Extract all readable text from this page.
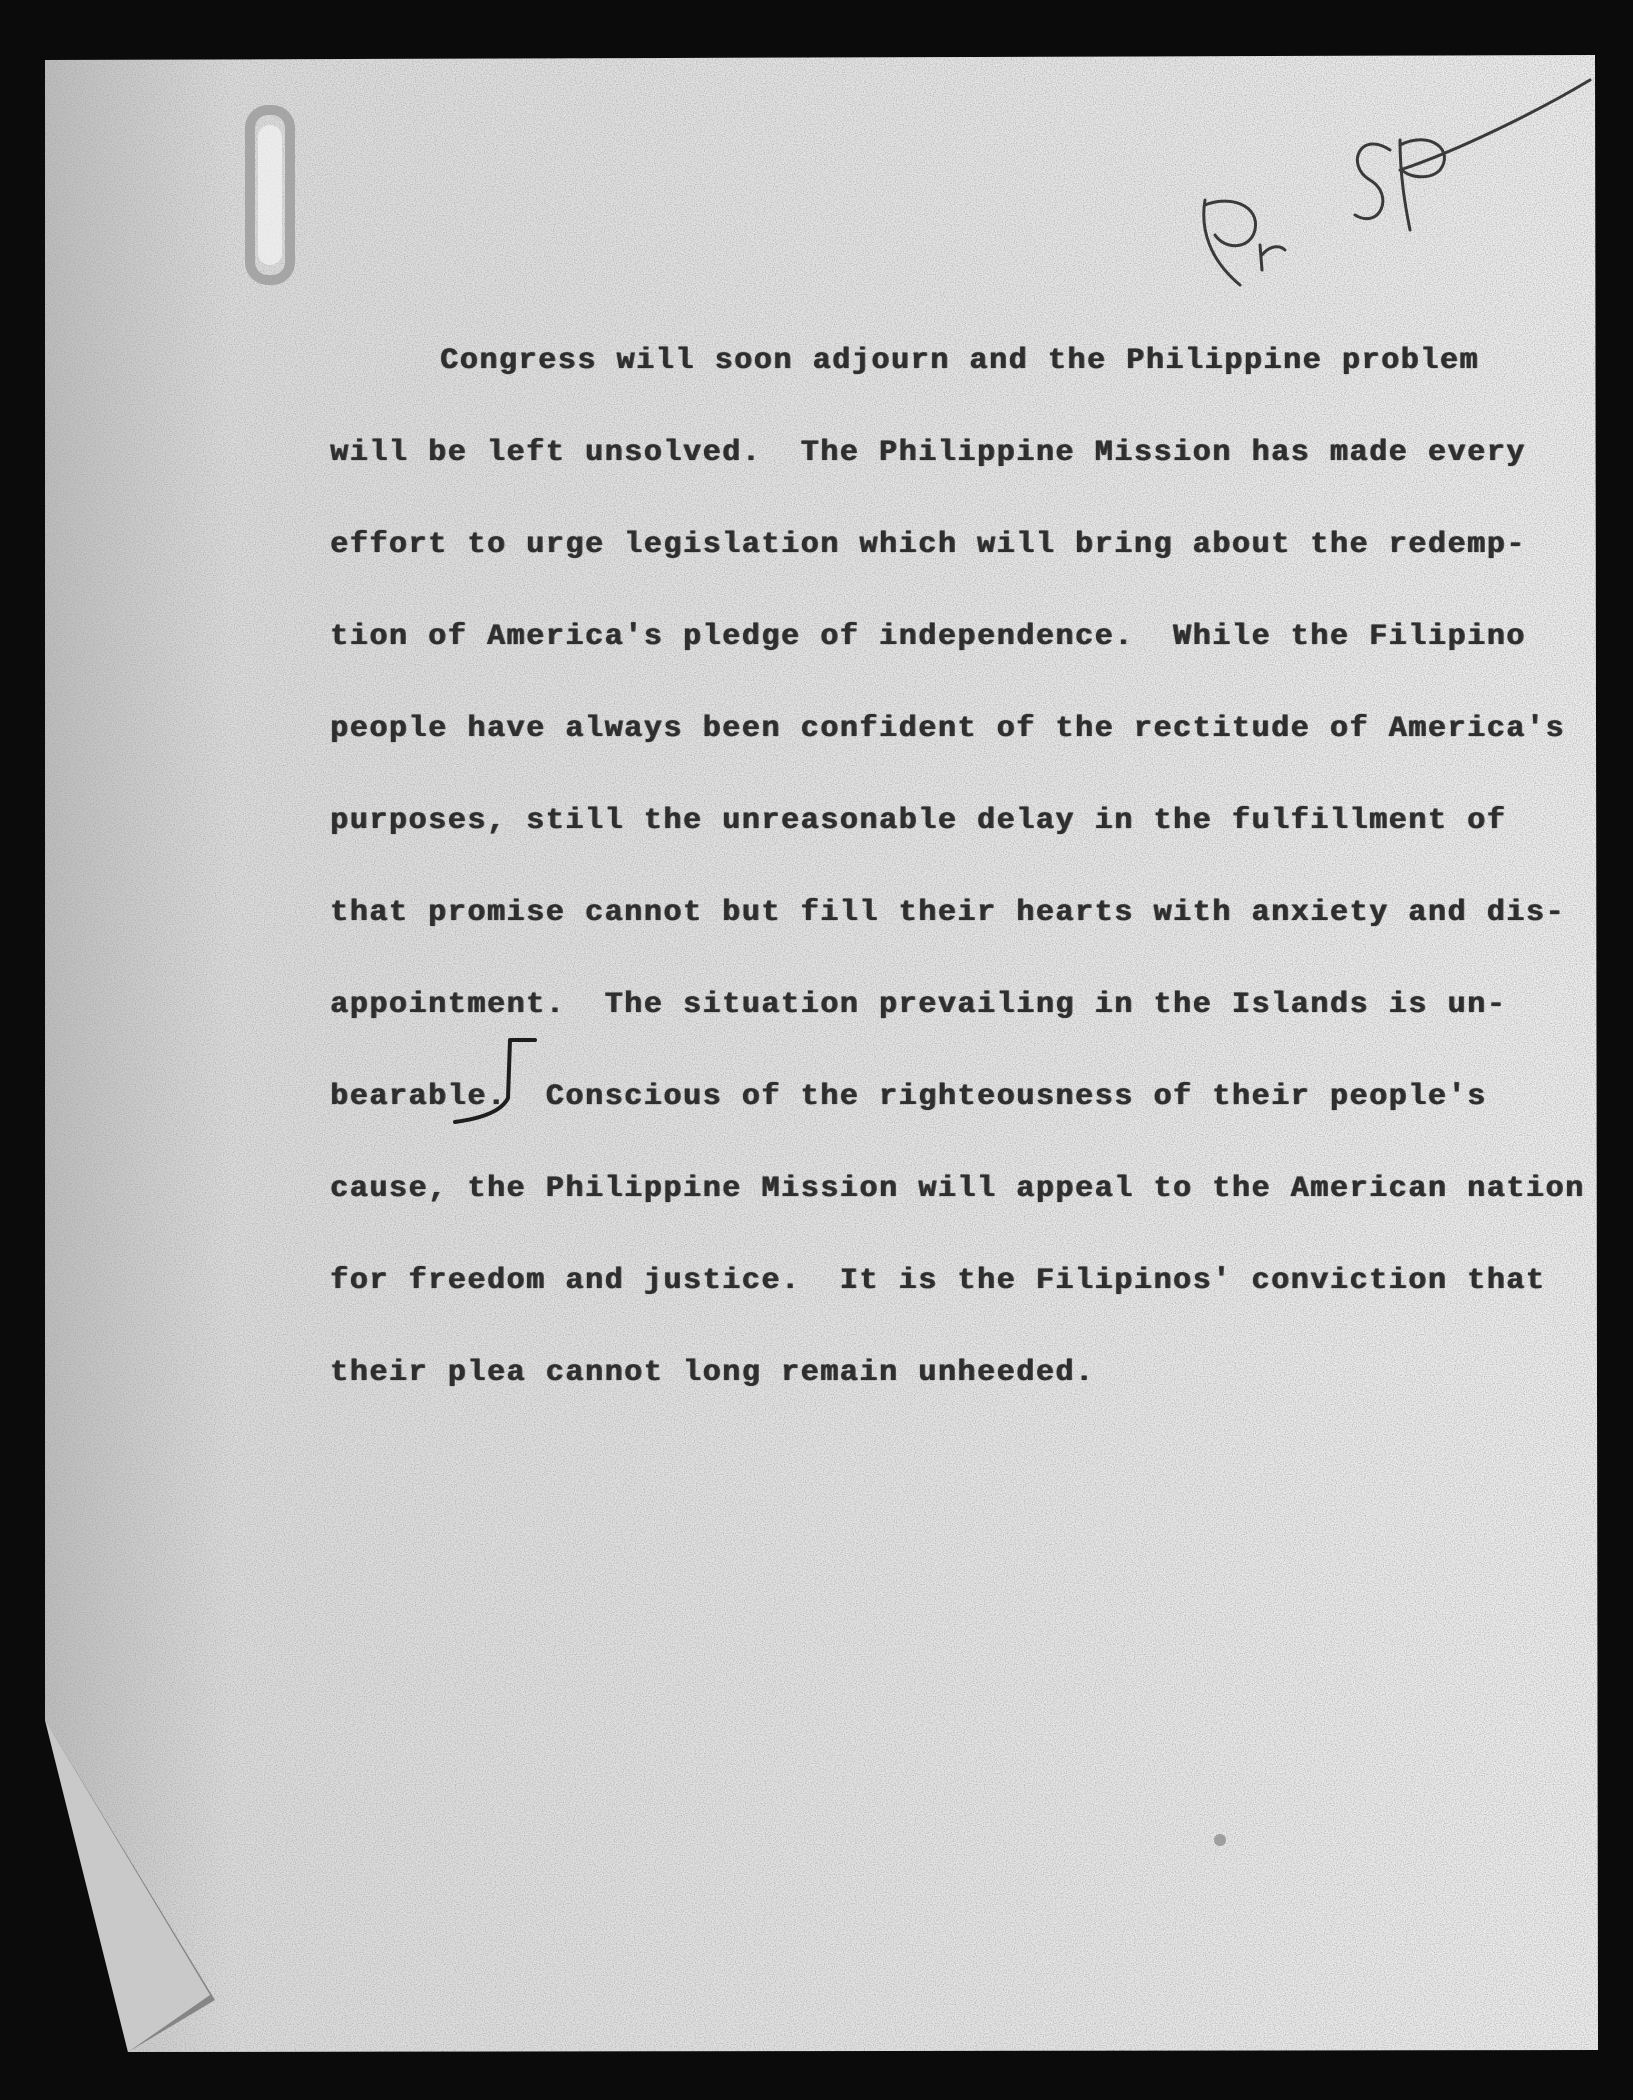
Congress will soon adjourn and the Philippine problem
will be left unsolved.  The Philippine Mission has made every
effort to urge legislation which will bring about the redemp-
tion of America's pledge of independence.  While the Filipino
people have always been confident of the rectitude of America's
purposes, still the unreasonable delay in the fulfillment of
that promise cannot but fill their hearts with anxiety and dis-
appointment.  The situation prevailing in the Islands is un-
bearable.  Conscious of the righteousness of their people's
cause, the Philippine Mission will appeal to the American nation
for freedom and justice.  It is the Filipinos' conviction that
their plea cannot long remain unheeded.
